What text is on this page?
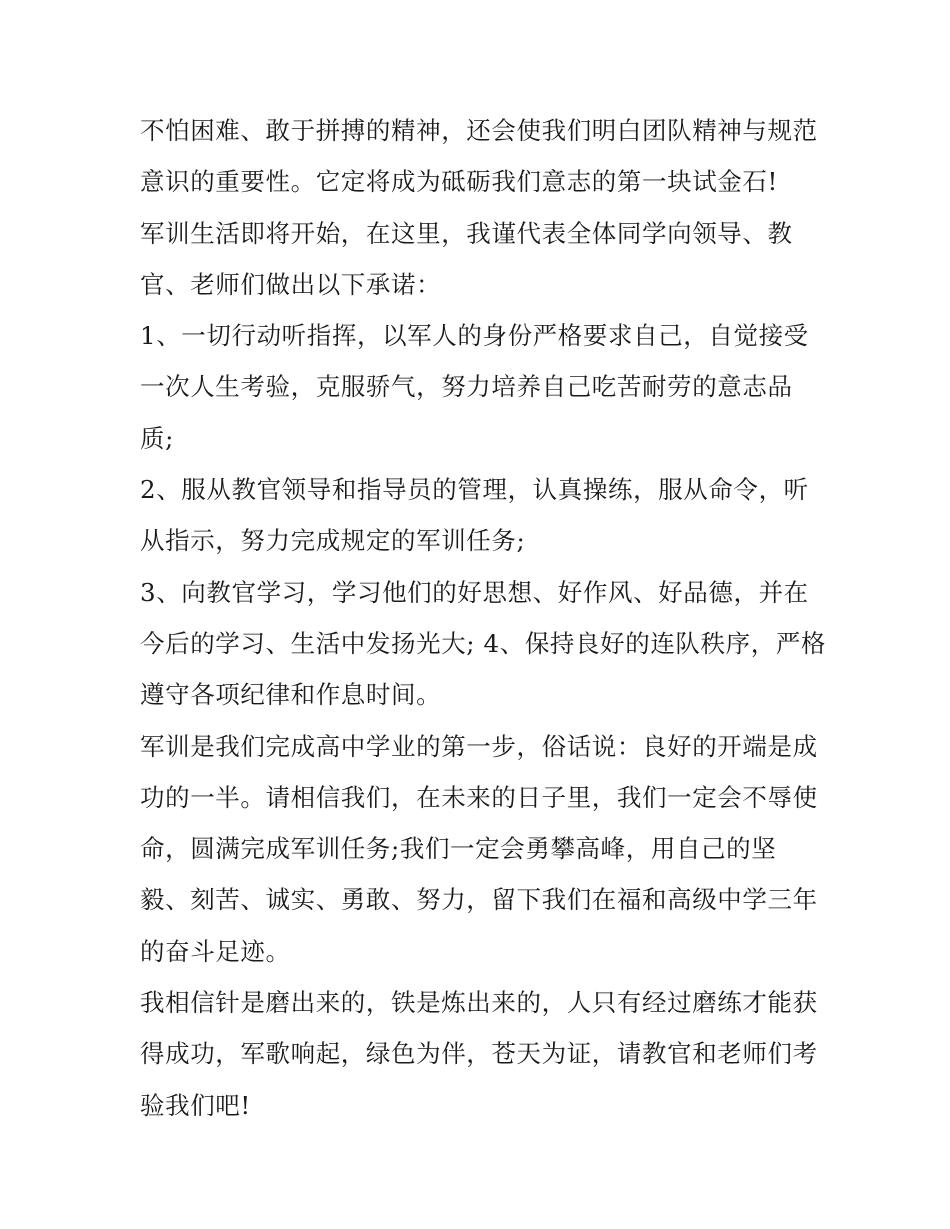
不怕困难、敢于拼搏的精神，还会使我们明白团队精神与规范
意识的重要性。它定将成为砥砺我们意志的第一块试金石!
军训生活即将开始，在这里，我谨代表全体同学向领导、教
官、老师们做出以下承诺：
1、一切行动听指挥，以军人的身份严格要求自己，自觉接受
一次人生考验，克服骄气，努力培养自己吃苦耐劳的意志品
质;
2、服从教官领导和指导员的管理，认真操练，服从命令，听
从指示，努力完成规定的军训任务;
3、向教官学习，学习他们的好思想、好作风、好品德，并在
今后的学习、生活中发扬光大; 4、保持良好的连队秩序，严格
遵守各项纪律和作息时间。
军训是我们完成高中学业的第一步，俗话说：良好的开端是成
功的一半。请相信我们，在未来的日子里，我们一定会不辱使
命，圆满完成军训任务;我们一定会勇攀高峰，用自己的坚
毅、刻苦、诚实、勇敢、努力，留下我们在福和高级中学三年
的奋斗足迹。
我相信针是磨出来的，铁是炼出来的，人只有经过磨练才能获
得成功，军歌响起，绿色为伴，苍天为证，请教官和老师们考
验我们吧!
